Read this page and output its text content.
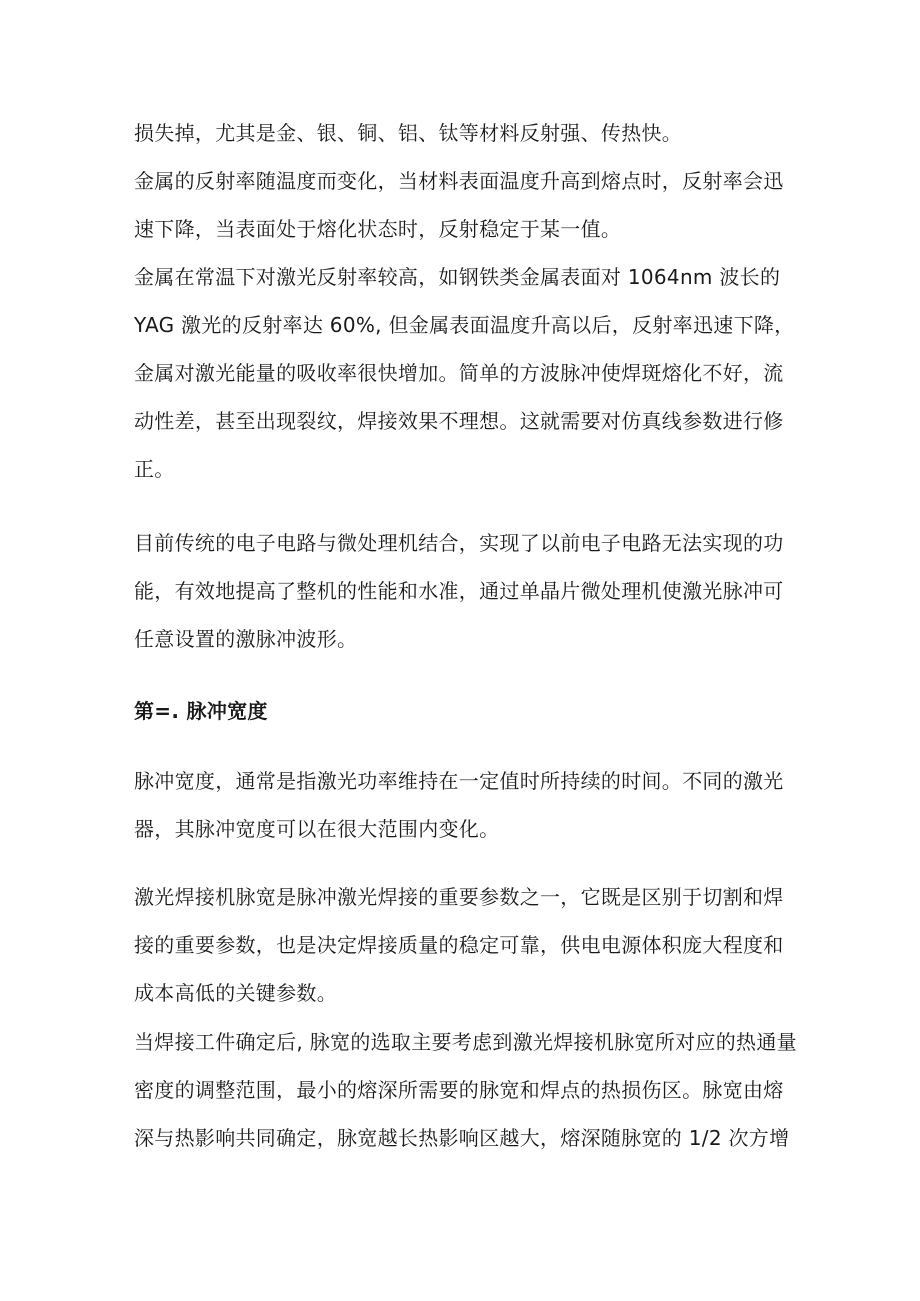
损失掉，尤其是金、银、铜、铝、钛等材料反射强、传热快。
金属的反射率随温度而变化，当材料表面温度升高到熔点时，反射率会迅
速下降，当表面处于熔化状态时，反射稳定于某一值。
金属在常温下对激光反射率较高，如钢铁类金属表面对 1064nm 波长的
YAG 激光的反射率达 60%, 但金属表面温度升高以后，反射率迅速下降，
金属对激光能量的吸收率很快增加。简单的方波脉冲使焊斑熔化不好，流
动性差，甚至出现裂纹，焊接效果不理想。这就需要对仿真线参数进行修
正。
目前传统的电子电路与微处理机结合，实现了以前电子电路无法实现的功
能，有效地提高了整机的性能和水准，通过单晶片微处理机使激光脉冲可
任意设置的激脉冲波形。
第=. 脉冲宽度
脉冲宽度，通常是指激光功率维持在一定值时所持续的时间。不同的激光
器，其脉冲宽度可以在很大范围内变化。
激光焊接机脉宽是脉冲激光焊接的重要参数之一，它既是区别于切割和焊
接的重要参数，也是决定焊接质量的稳定可靠，供电电源体积庞大程度和
成本高低的关键参数。
当焊接工件确定后, 脉宽的选取主要考虑到激光焊接机脉宽所对应的热通量
密度的调整范围，最小的熔深所需要的脉宽和焊点的热损伤区。脉宽由熔
深与热影响共同确定，脉宽越长热影响区越大，熔深随脉宽的 1/2 次方增
